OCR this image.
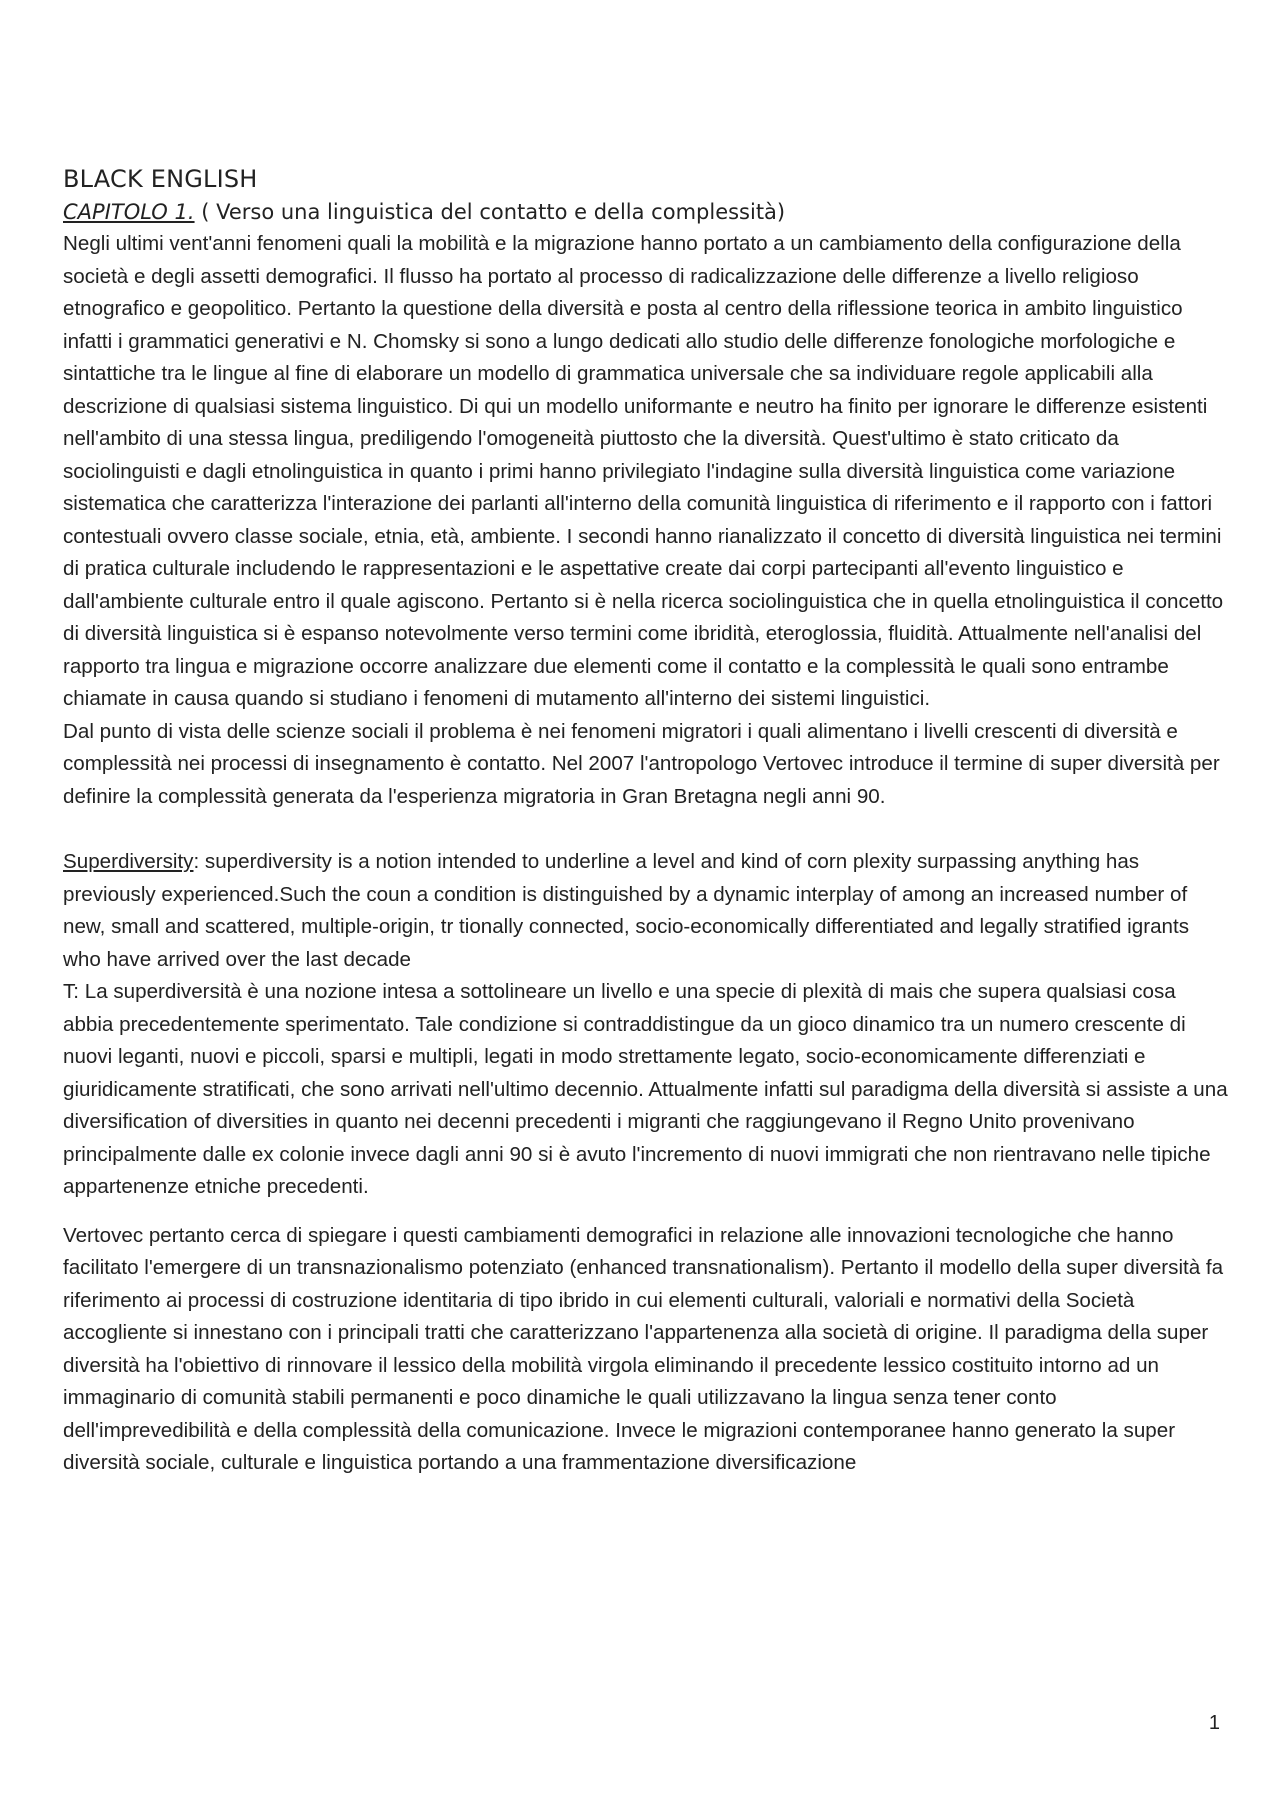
BLACK ENGLISH
CAPITOLO 1. ( Verso una linguistica del contatto e della complessità)

Negli ultimi vent'anni fenomeni quali la mobilità e la migrazione hanno portato a un cambiamento della configurazione della società e degli assetti demografici. Il flusso ha portato al processo di radicalizzazione delle differenze a livello religioso etnografico e geopolitico. Pertanto la questione della diversità e posta al centro della riflessione teorica in ambito linguistico infatti i grammatici generativi e N. Chomsky si sono a lungo dedicati allo studio delle differenze fonologiche morfologiche e sintattiche tra le lingue al fine di elaborare un modello di grammatica universale che sa individuare regole applicabili alla descrizione di qualsiasi sistema linguistico. Di qui un modello uniformante e neutro ha finito per ignorare le differenze esistenti nell'ambito di una stessa lingua, prediligendo l'omogeneità piuttosto che la diversità. Quest'ultimo è stato criticato da sociolinguisti e dagli etnolinguistica in quanto i primi hanno privilegiato l'indagine sulla diversità linguistica come variazione sistematica che caratterizza l'interazione dei parlanti all'interno della comunità linguistica di riferimento e il rapporto con i fattori contestuali ovvero classe sociale, etnia, età, ambiente. I secondi hanno rianalizzato il concetto di diversità linguistica nei termini di pratica culturale includendo le rappresentazioni e le aspettative create dai corpi partecipanti all'evento linguistico e dall'ambiente culturale entro il quale agiscono. Pertanto si è nella ricerca sociolinguistica che in quella etnolinguistica il concetto di diversità linguistica si è espanso notevolmente verso termini come ibridità, eteroglossia, fluidità. Attualmente nell'analisi del rapporto tra lingua e migrazione occorre analizzare due elementi come il contatto e la complessità le quali sono entrambe chiamate in causa quando si studiano i fenomeni di mutamento all'interno dei sistemi linguistici.

Dal punto di vista delle scienze sociali il problema è nei fenomeni migratori i quali alimentano i livelli crescenti di diversità e complessità nei processi di insegnamento è contatto. Nel 2007 l'antropologo Vertovec introduce il termine di super diversità per definire la complessità generata da l'esperienza migratoria in Gran Bretagna negli anni 90.

Superdiversity: superdiversity is a notion intended to underline a level and kind of corn plexity surpassing anything has previously experienced.Such the coun a condition is distinguished by a dynamic interplay of among an increased number of new, small and scattered, multiple-origin, tr tionally connected, socio-economically differentiated and legally stratified igrants who have arrived over the last decade

T: La superdiversità è una nozione intesa a sottolineare un livello e una specie di plexità di mais che supera qualsiasi cosa abbia precedentemente sperimentato. Tale condizione si contraddistingue da un gioco dinamico tra un numero crescente di nuovi leganti, nuovi e piccoli, sparsi e multipli, legati in modo strettamente legato, socio-economicamente differenziati e giuridicamente stratificati, che sono arrivati nell'ultimo decennio. Attualmente infatti sul paradigma della diversità si assiste a una diversification of diversities in quanto nei decenni precedenti i migranti che raggiungevano il Regno Unito provenivano principalmente dalle ex colonie invece dagli anni 90 si è avuto l'incremento di nuovi immigrati che non rientravano nelle tipiche appartenenze etniche precedenti.

Vertovec pertanto cerca di spiegare i questi cambiamenti demografici in relazione alle innovazioni tecnologiche che hanno facilitato l'emergere di un transnazionalismo potenziato (enhanced transnationalism). Pertanto il modello della super diversità fa riferimento ai processi di costruzione identitaria di tipo ibrido in cui elementi culturali, valoriali e normativi della Società accogliente si innestano con i principali tratti che caratterizzano l'appartenenza alla società di origine. Il paradigma della super diversità ha l'obiettivo di rinnovare il lessico della mobilità virgola eliminando il precedente lessico costituito intorno ad un immaginario di comunità stabili permanenti e poco dinamiche le quali utilizzavano la lingua senza tener conto dell'imprevedibilità e della complessità della comunicazione. Invece le migrazioni contemporanee hanno generato la super diversità sociale, culturale e linguistica portando a una frammentazione diversificazione

1
